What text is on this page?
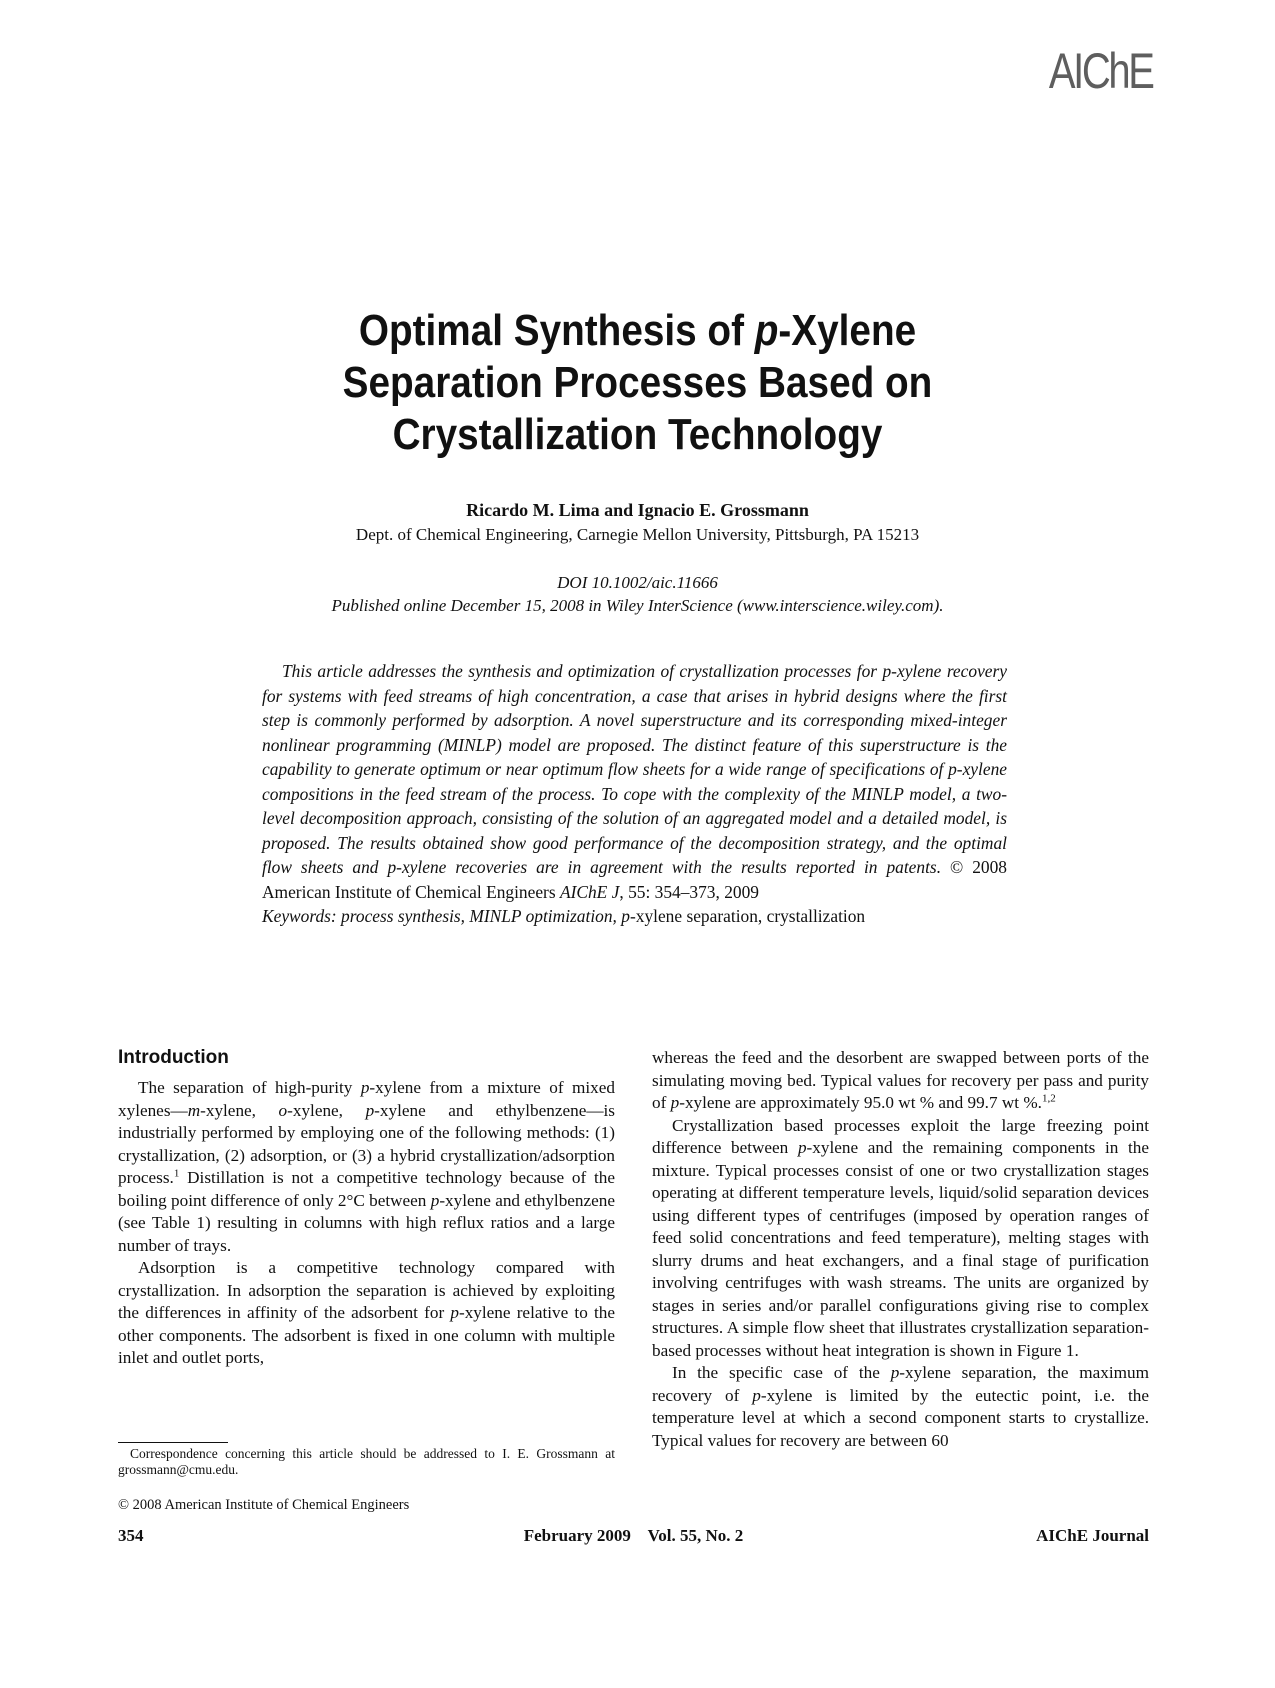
AIChE
Optimal Synthesis of p-Xylene
Separation Processes Based on
Crystallization Technology
Ricardo M. Lima and Ignacio E. Grossmann
Dept. of Chemical Engineering, Carnegie Mellon University, Pittsburgh, PA 15213
DOI 10.1002/aic.11666
Published online December 15, 2008 in Wiley InterScience (www.interscience.wiley.com).
This article addresses the synthesis and optimization of crystallization processes for p-xylene recovery for systems with feed streams of high concentration, a case that arises in hybrid designs where the first step is commonly performed by adsorption. A novel superstructure and its corresponding mixed-integer nonlinear programming (MINLP) model are proposed. The distinct feature of this superstructure is the capability to generate optimum or near optimum flow sheets for a wide range of specifications of p-xylene compositions in the feed stream of the process. To cope with the complexity of the MINLP model, a two-level decomposition approach, consisting of the solution of an aggregated model and a detailed model, is proposed. The results obtained show good performance of the decomposition strategy, and the optimal flow sheets and p-xylene recoveries are in agreement with the results reported in patents. © 2008 American Institute of Chemical Engineers AIChE J, 55: 354–373, 2009
Keywords: process synthesis, MINLP optimization, p-xylene separation, crystallization
Introduction

The separation of high-purity p-xylene from a mixture of mixed xylenes—m-xylene, o-xylene, p-xylene and ethylbenzene—is industrially performed by employing one of the following methods: (1) crystallization, (2) adsorption, or (3) a hybrid crystallization/adsorption process.$^1$ Distillation is not a competitive technology because of the boiling point difference of only 2°C between p-xylene and ethylbenzene (see Table 1) resulting in columns with high reflux ratios and a large number of trays.

Adsorption is a competitive technology compared with crystallization. In adsorption the separation is achieved by exploiting the differences in affinity of the adsorbent for p-xylene relative to the other components. The adsorbent is fixed in one column with multiple inlet and outlet ports,

whereas the feed and the desorbent are swapped between ports of the simulating moving bed. Typical values for recovery per pass and purity of p-xylene are approximately 95.0 wt % and 99.7 wt %.$^{1,2}$

Crystallization based processes exploit the large freezing point difference between p-xylene and the remaining components in the mixture. Typical processes consist of one or two crystallization stages operating at different temperature levels, liquid/solid separation devices using different types of centrifuges (imposed by operation ranges of feed solid concentrations and feed temperature), melting stages with slurry drums and heat exchangers, and a final stage of purification involving centrifuges with wash streams. The units are organized by stages in series and/or parallel configurations giving rise to complex structures. A simple flow sheet that illustrates crystallization separation-based processes without heat integration is shown in Figure 1.

In the specific case of the p-xylene separation, the maximum recovery of p-xylene is limited by the eutectic point, i.e. the temperature level at which a second component starts to crystallize. Typical values for recovery are between 60

Correspondence concerning this article should be addressed to I. E. Grossmann at grossmann@cmu.edu.
© 2008 American Institute of Chemical Engineers
354	February 2009    Vol. 55, No. 2	AIChE Journal
